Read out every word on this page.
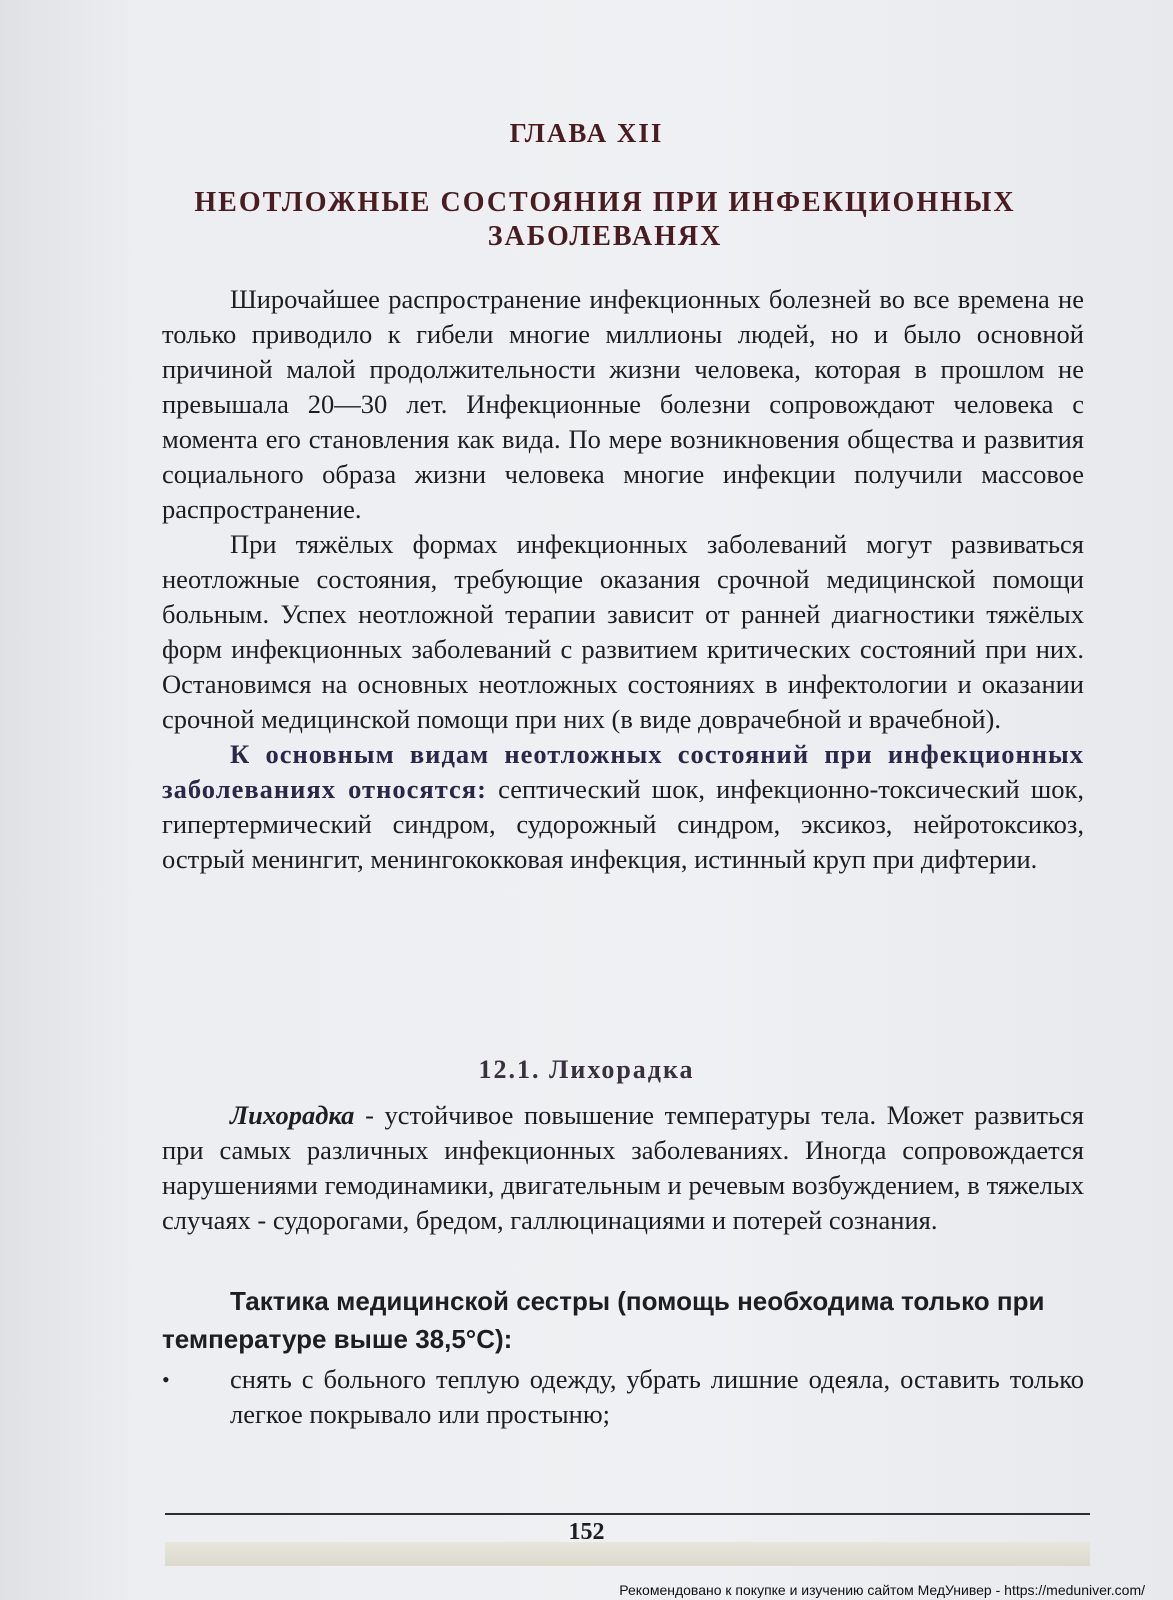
ГЛАВА XII
НЕОТЛОЖНЫЕ СОСТОЯНИЯ ПРИ ИНФЕКЦИОННЫХ ЗАБОЛЕВАНЯХ

Широчайшее распространение инфекционных болезней во все времена не только приводило к гибели многие миллионы людей, но и было основной причиной малой продолжительности жизни человека, которая в прошлом не превышала 20—30 лет. Инфекционные болезни сопровождают человека с момента его становления как вида. По мере возникновения общества и развития социального образа жизни человека многие инфекции получили массовое распространение.

При тяжёлых формах инфекционных заболеваний могут развиваться неотложные состояния, требующие оказания срочной медицинской помощи больным. Успех неотложной терапии зависит от ранней диагностики тяжёлых форм инфекционных заболеваний с развитием критических состояний при них. Остановимся на основных неотложных состояниях в инфектологии и оказании срочной медицинской помощи при них (в виде доврачебной и врачебной).

К основным видам неотложных состояний при инфекционных заболеваниях относятся: септический шок, инфекционно-токсический шок, гипертермический синдром, судорожный синдром, эксикоз, нейротоксикоз, острый менингит, менингококковая инфекция, истинный круп при дифтерии.

12.1. Лихорадка

Лихорадка - устойчивое повышение температуры тела. Может развиться при самых различных инфекционных заболеваниях. Иногда сопровождается нарушениями гемодинамики, двигательным и речевым возбуждением, в тяжелых случаях - судорогами, бредом, галлюцинациями и потерей сознания.

Тактика медицинской сестры (помощь необходима только при температуре выше 38,5°С):
• снять с больного теплую одежду, убрать лишние одеяла, оставить только легкое покрывало или простыню;
152
Рекомендовано к покупке и изучению сайтом МедУнивер - https://meduniver.com/
